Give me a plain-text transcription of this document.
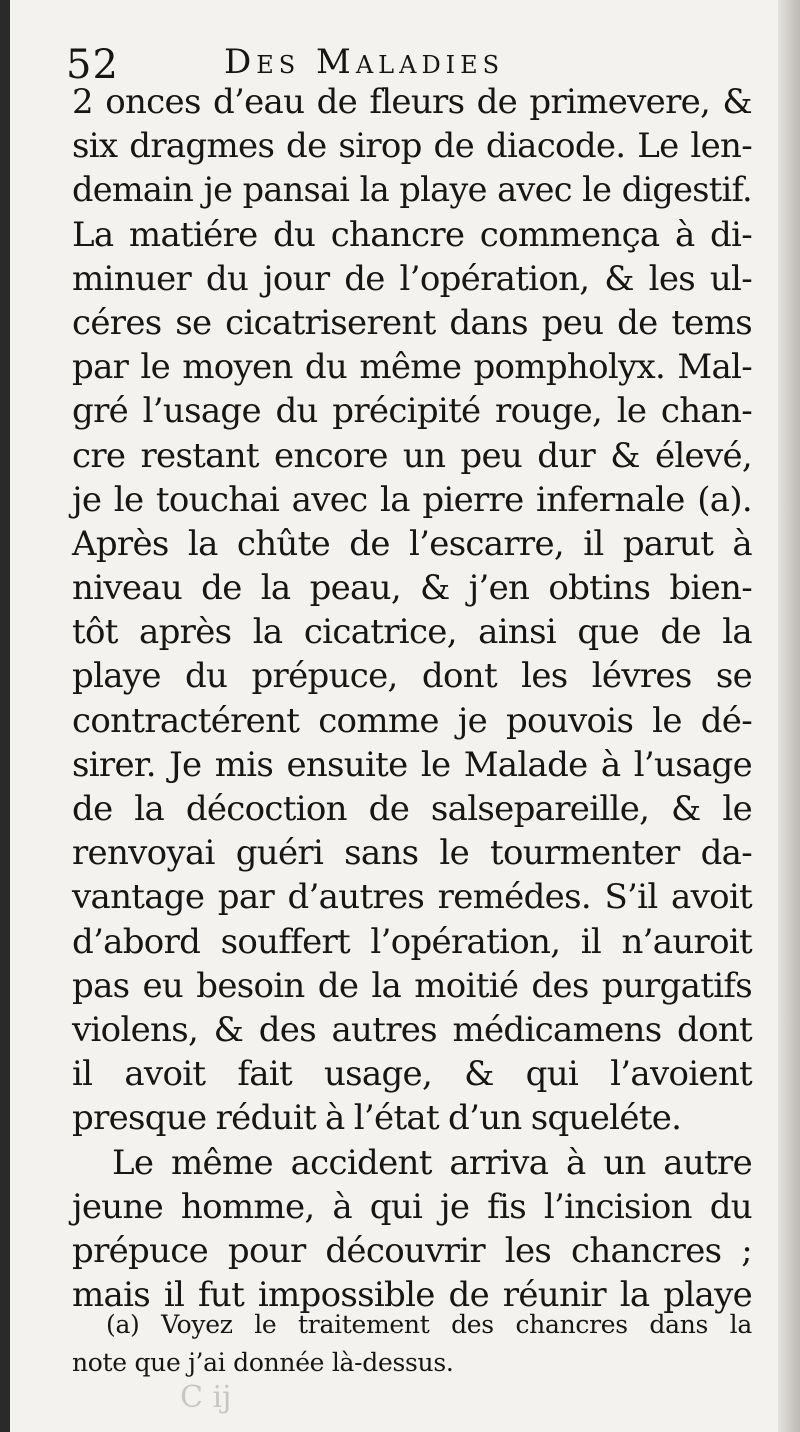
52	Des Maladies
2 onces d’eau de fleurs de primevere, &
six dragmes de sirop de diacode. Le len-
demain je pansai la playe avec le digestif.
La matiére du chancre commença à di-
minuer du jour de l’opération, & les ul-
céres se cicatriserent dans peu de tems
par le moyen du même pompholyx. Mal-
gré l’usage du précipité rouge, le chan-
cre restant encore un peu dur & élevé,
je le touchai avec la pierre infernale (a).
Après la chûte de l’escarre, il parut à
niveau de la peau, & j’en obtins bien-
tôt après la cicatrice, ainsi que de la
playe du prépuce, dont les lévres se
contractérent comme je pouvois le dé-
sirer. Je mis ensuite le Malade à l’usage
de la décoction de salsepareille, & le
renvoyai guéri sans le tourmenter da-
vantage par d’autres remédes. S’il avoit
d’abord souffert l’opération, il n’auroit
pas eu besoin de la moitié des purgatifs
violens, & des autres médicamens dont
il avoit fait usage, & qui l’avoient
presque réduit à l’état d’un squeléte.
Le même accident arriva à un autre
jeune homme, à qui je fis l’incision du
prépuce pour découvrir les chancres ;
mais il fut impossible de réunir la playe
(a) Voyez le traitement des chancres dans la
note que j’ai donnée là-dessus.
C ij
